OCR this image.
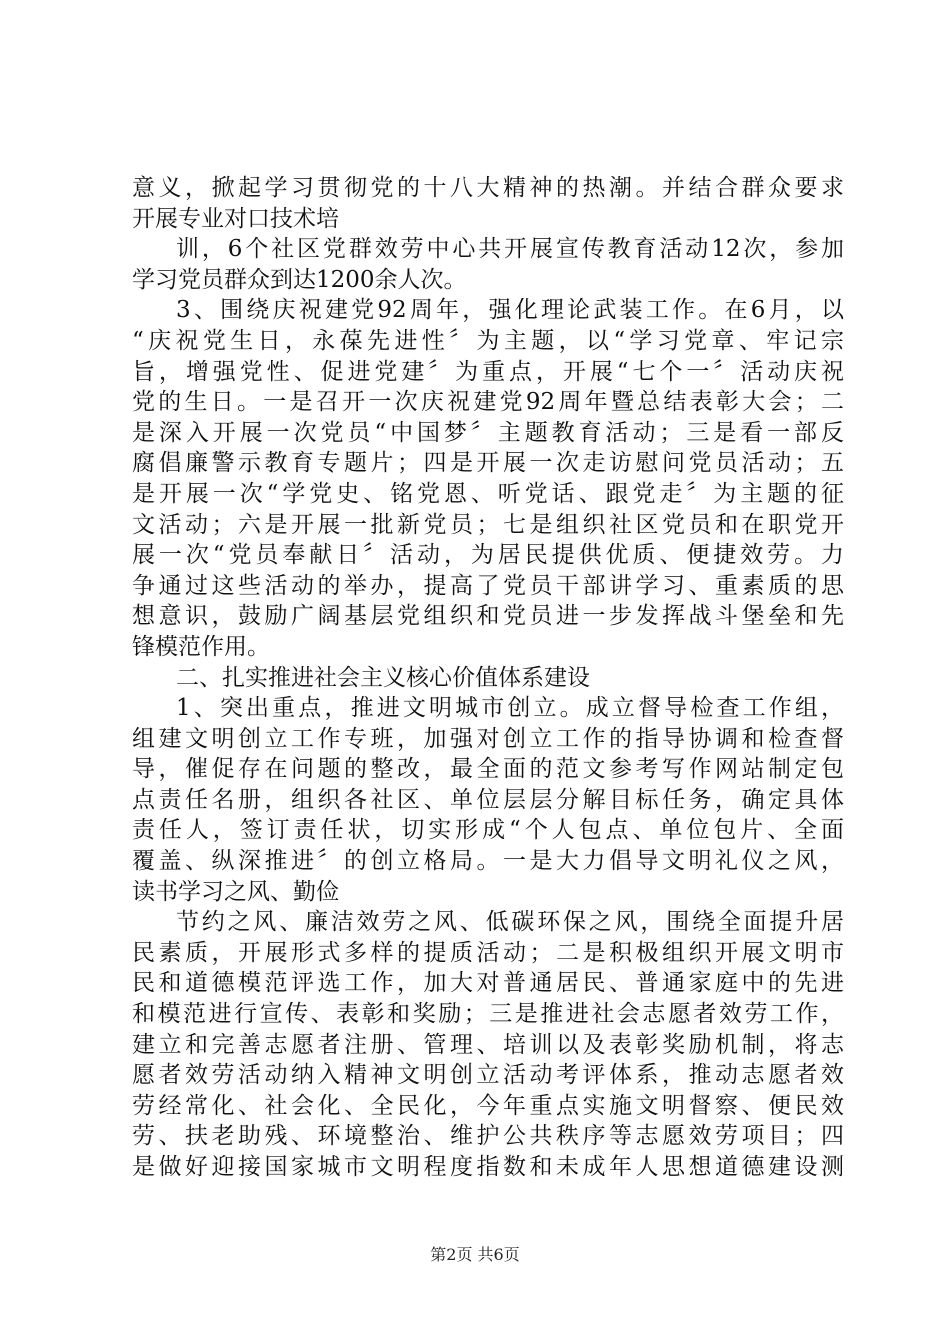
意义，掀起学习贯彻党的十八大精神的热潮。并结合群众要求
开展专业对口技术培
训，6个社区党群效劳中心共开展宣传教育活动12次，参加
学习党员群众到达1200余人次。
3、围绕庆祝建党92周年，强化理论武装工作。在6月，以
“庆祝党生日，永葆先进性〞为主题，以“学习党章、牢记宗
旨，增强党性、促进党建〞为重点，开展“七个一〞活动庆祝
党的生日。一是召开一次庆祝建党92周年暨总结表彰大会；二
是深入开展一次党员“中国梦〞主题教育活动；三是看一部反
腐倡廉警示教育专题片；四是开展一次走访慰问党员活动；五
是开展一次“学党史、铭党恩、听党话、跟党走〞为主题的征
文活动；六是开展一批新党员；七是组织社区党员和在职党开
展一次“党员奉献日〞活动，为居民提供优质、便捷效劳。力
争通过这些活动的举办，提高了党员干部讲学习、重素质的思
想意识，鼓励广阔基层党组织和党员进一步发挥战斗堡垒和先
锋模范作用。
二、扎实推进社会主义核心价值体系建设
1、突出重点，推进文明城市创立。成立督导检查工作组，
组建文明创立工作专班，加强对创立工作的指导协调和检查督
导，催促存在问题的整改，最全面的范文参考写作网站制定包
点责任名册，组织各社区、单位层层分解目标任务，确定具体
责任人，签订责任状，切实形成“个人包点、单位包片、全面
覆盖、纵深推进〞的创立格局。一是大力倡导文明礼仪之风，
读书学习之风、勤俭
节约之风、廉洁效劳之风、低碳环保之风，围绕全面提升居
民素质，开展形式多样的提质活动；二是积极组织开展文明市
民和道德模范评选工作，加大对普通居民、普通家庭中的先进
和模范进行宣传、表彰和奖励；三是推进社会志愿者效劳工作，
建立和完善志愿者注册、管理、培训以及表彰奖励机制，将志
愿者效劳活动纳入精神文明创立活动考评体系，推动志愿者效
劳经常化、社会化、全民化，今年重点实施文明督察、便民效
劳、扶老助残、环境整治、维护公共秩序等志愿效劳项目；四
是做好迎接国家城市文明程度指数和未成年人思想道德建设测
第2页 共6页
